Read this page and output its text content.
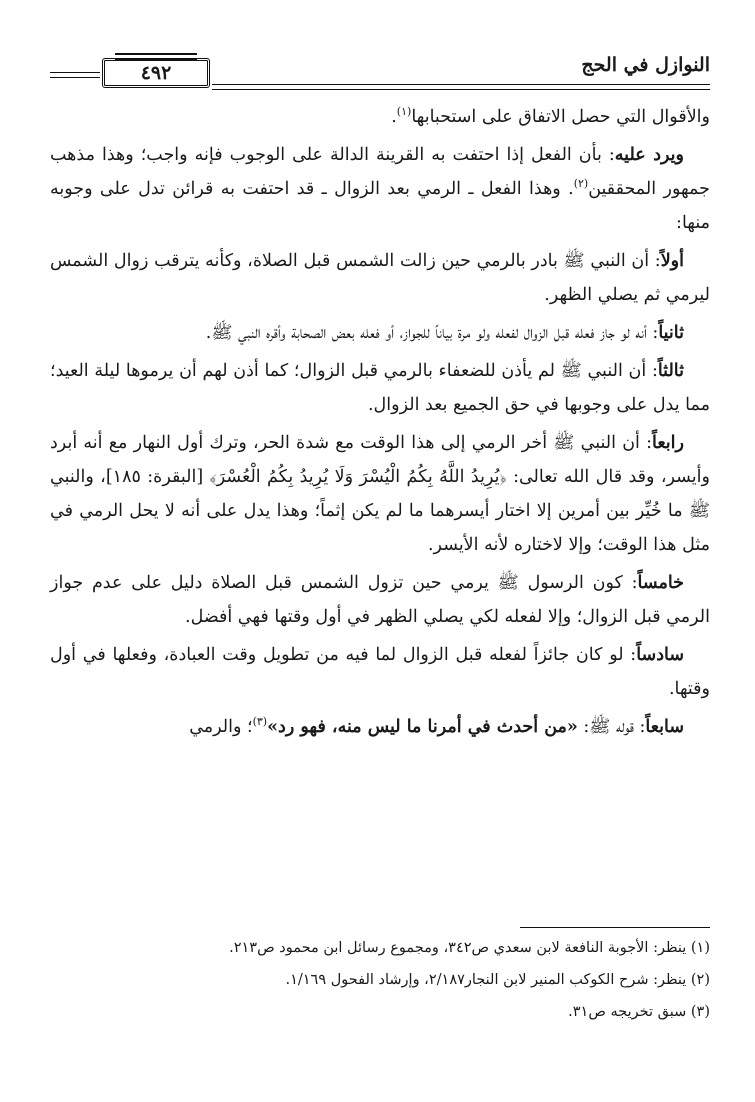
٤٩٢	النوازل في الحج

والأقوال التي حصل الاتفاق على استحبابها$^{(١)}$.

ويرد عليه: بأن الفعل إذا احتفت به القرينة الدالة على الوجوب فإنه واجب؛ وهذا مذهب جمهور المحققين$^{(٢)}$. وهذا الفعل ـ الرمي بعد الزوال ـ قد احتفت به قرائن تدل على وجوبه منها:

أولاً: أن النبي ﷺ بادر بالرمي حين زالت الشمس قبل الصلاة، وكأنه يترقب زوال الشمس ليرمي ثم يصلي الظهر.

ثانياً: أنه لو جاز فعله قبل الزوال لفعله ولو مرة بياناً للجواز، أو فعله بعض الصحابة وأقره النبي ﷺ.

ثالثاً: أن النبي ﷺ لم يأذن للضعفاء بالرمي قبل الزوال؛ كما أذن لهم أن يرموها ليلة العيد؛ مما يدل على وجوبها في حق الجميع بعد الزوال.

رابعاً: أن النبي ﷺ أخر الرمي إلى هذا الوقت مع شدة الحر، وترك أول النهار مع أنه أبرد وأيسر، وقد قال الله تعالى: ﴿يُرِيدُ اللَّهُ بِكُمُ الْيُسْرَ وَلَا يُرِيدُ بِكُمُ الْعُسْرَ﴾ [البقرة: ١٨٥]، والنبي ﷺ ما خُيِّر بين أمرين إلا اختار أيسرهما ما لم يكن إثماً؛ وهذا يدل على أنه لا يحل الرمي في مثل هذا الوقت؛ وإلا لاختاره لأنه الأيسر.

خامساً: كون الرسول ﷺ يرمي حين تزول الشمس قبل الصلاة دليل على عدم جواز الرمي قبل الزوال؛ وإلا لفعله لكي يصلي الظهر في أول وقتها فهي أفضل.

سادساً: لو كان جائزاً لفعله قبل الزوال لما فيه من تطويل وقت العبادة، وفعلها في أول وقتها.

سابعاً: قوله ﷺ: «من أحدث في أمرنا ما ليس منه، فهو رد»$^{(٣)}$؛ والرمي

(١) ينظر: الأجوبة النافعة لابن سعدي ص٣٤٢، ومجموع رسائل ابن محمود ص٢١٣.

(٢) ينظر: شرح الكوكب المنير لابن النجار٢/١٨٧، وإرشاد الفحول ١/١٦٩.

(٣) سبق تخريجه ص٣١.
